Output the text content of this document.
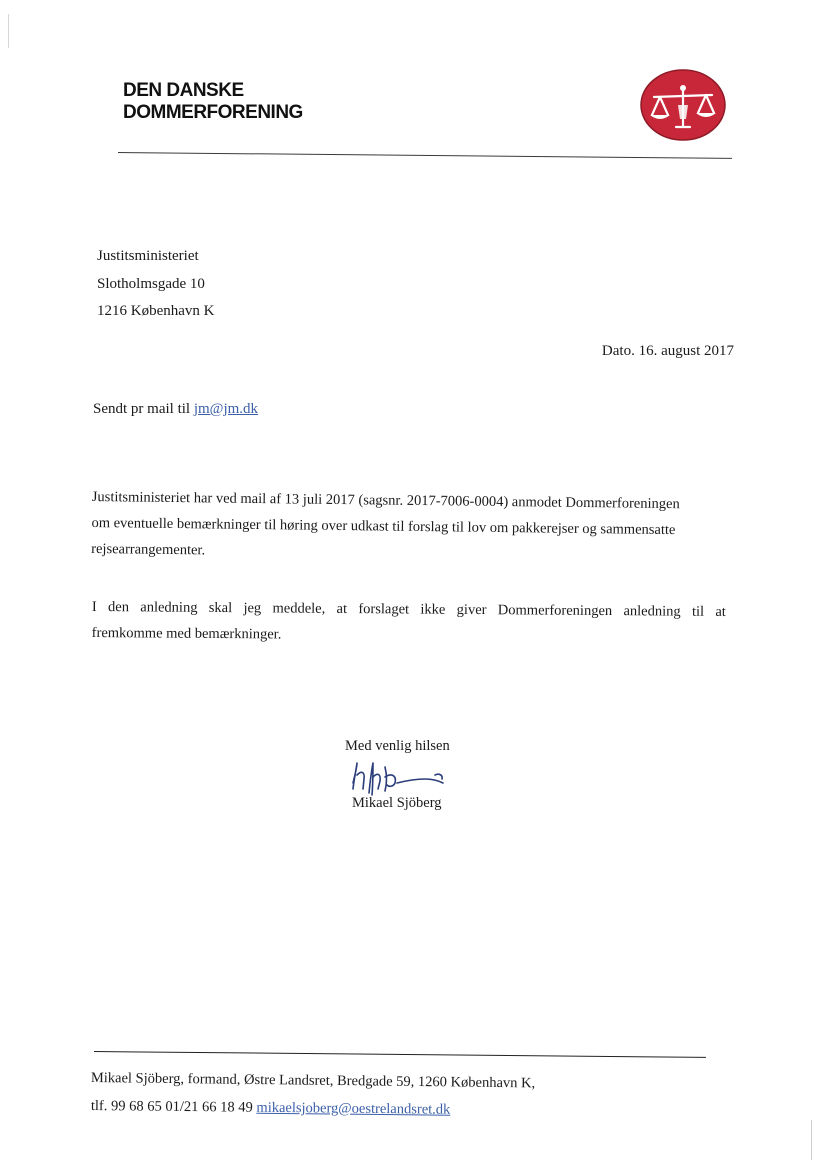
DEN DANSKE
DOMMERFORENING
Justitsministeriet
Slotholmsgade 10
1216 København K
Dato. 16. august 2017
Sendt pr mail til jm@jm.dk

Justitsministeriet har ved mail af 13 juli 2017 (sagsnr. 2017-7006-0004) anmodet Dommerforeningen

om eventuelle bemærkninger til høring over udkast til forslag til lov om pakkerejser og sammensatte

rejsearrangementer.

I den anledning skal jeg meddele, at forslaget ikke giver Dommerforeningen anledning til at

fremkomme med bemærkninger.

Med venlig hilsen
Mikael Sjöberg
Mikael Sjöberg, formand, Østre Landsret, Bredgade 59, 1260 København K,
tlf. 99 68 65 01/21 66 18 49 mikaelsjoberg@oestrelandsret.dk
